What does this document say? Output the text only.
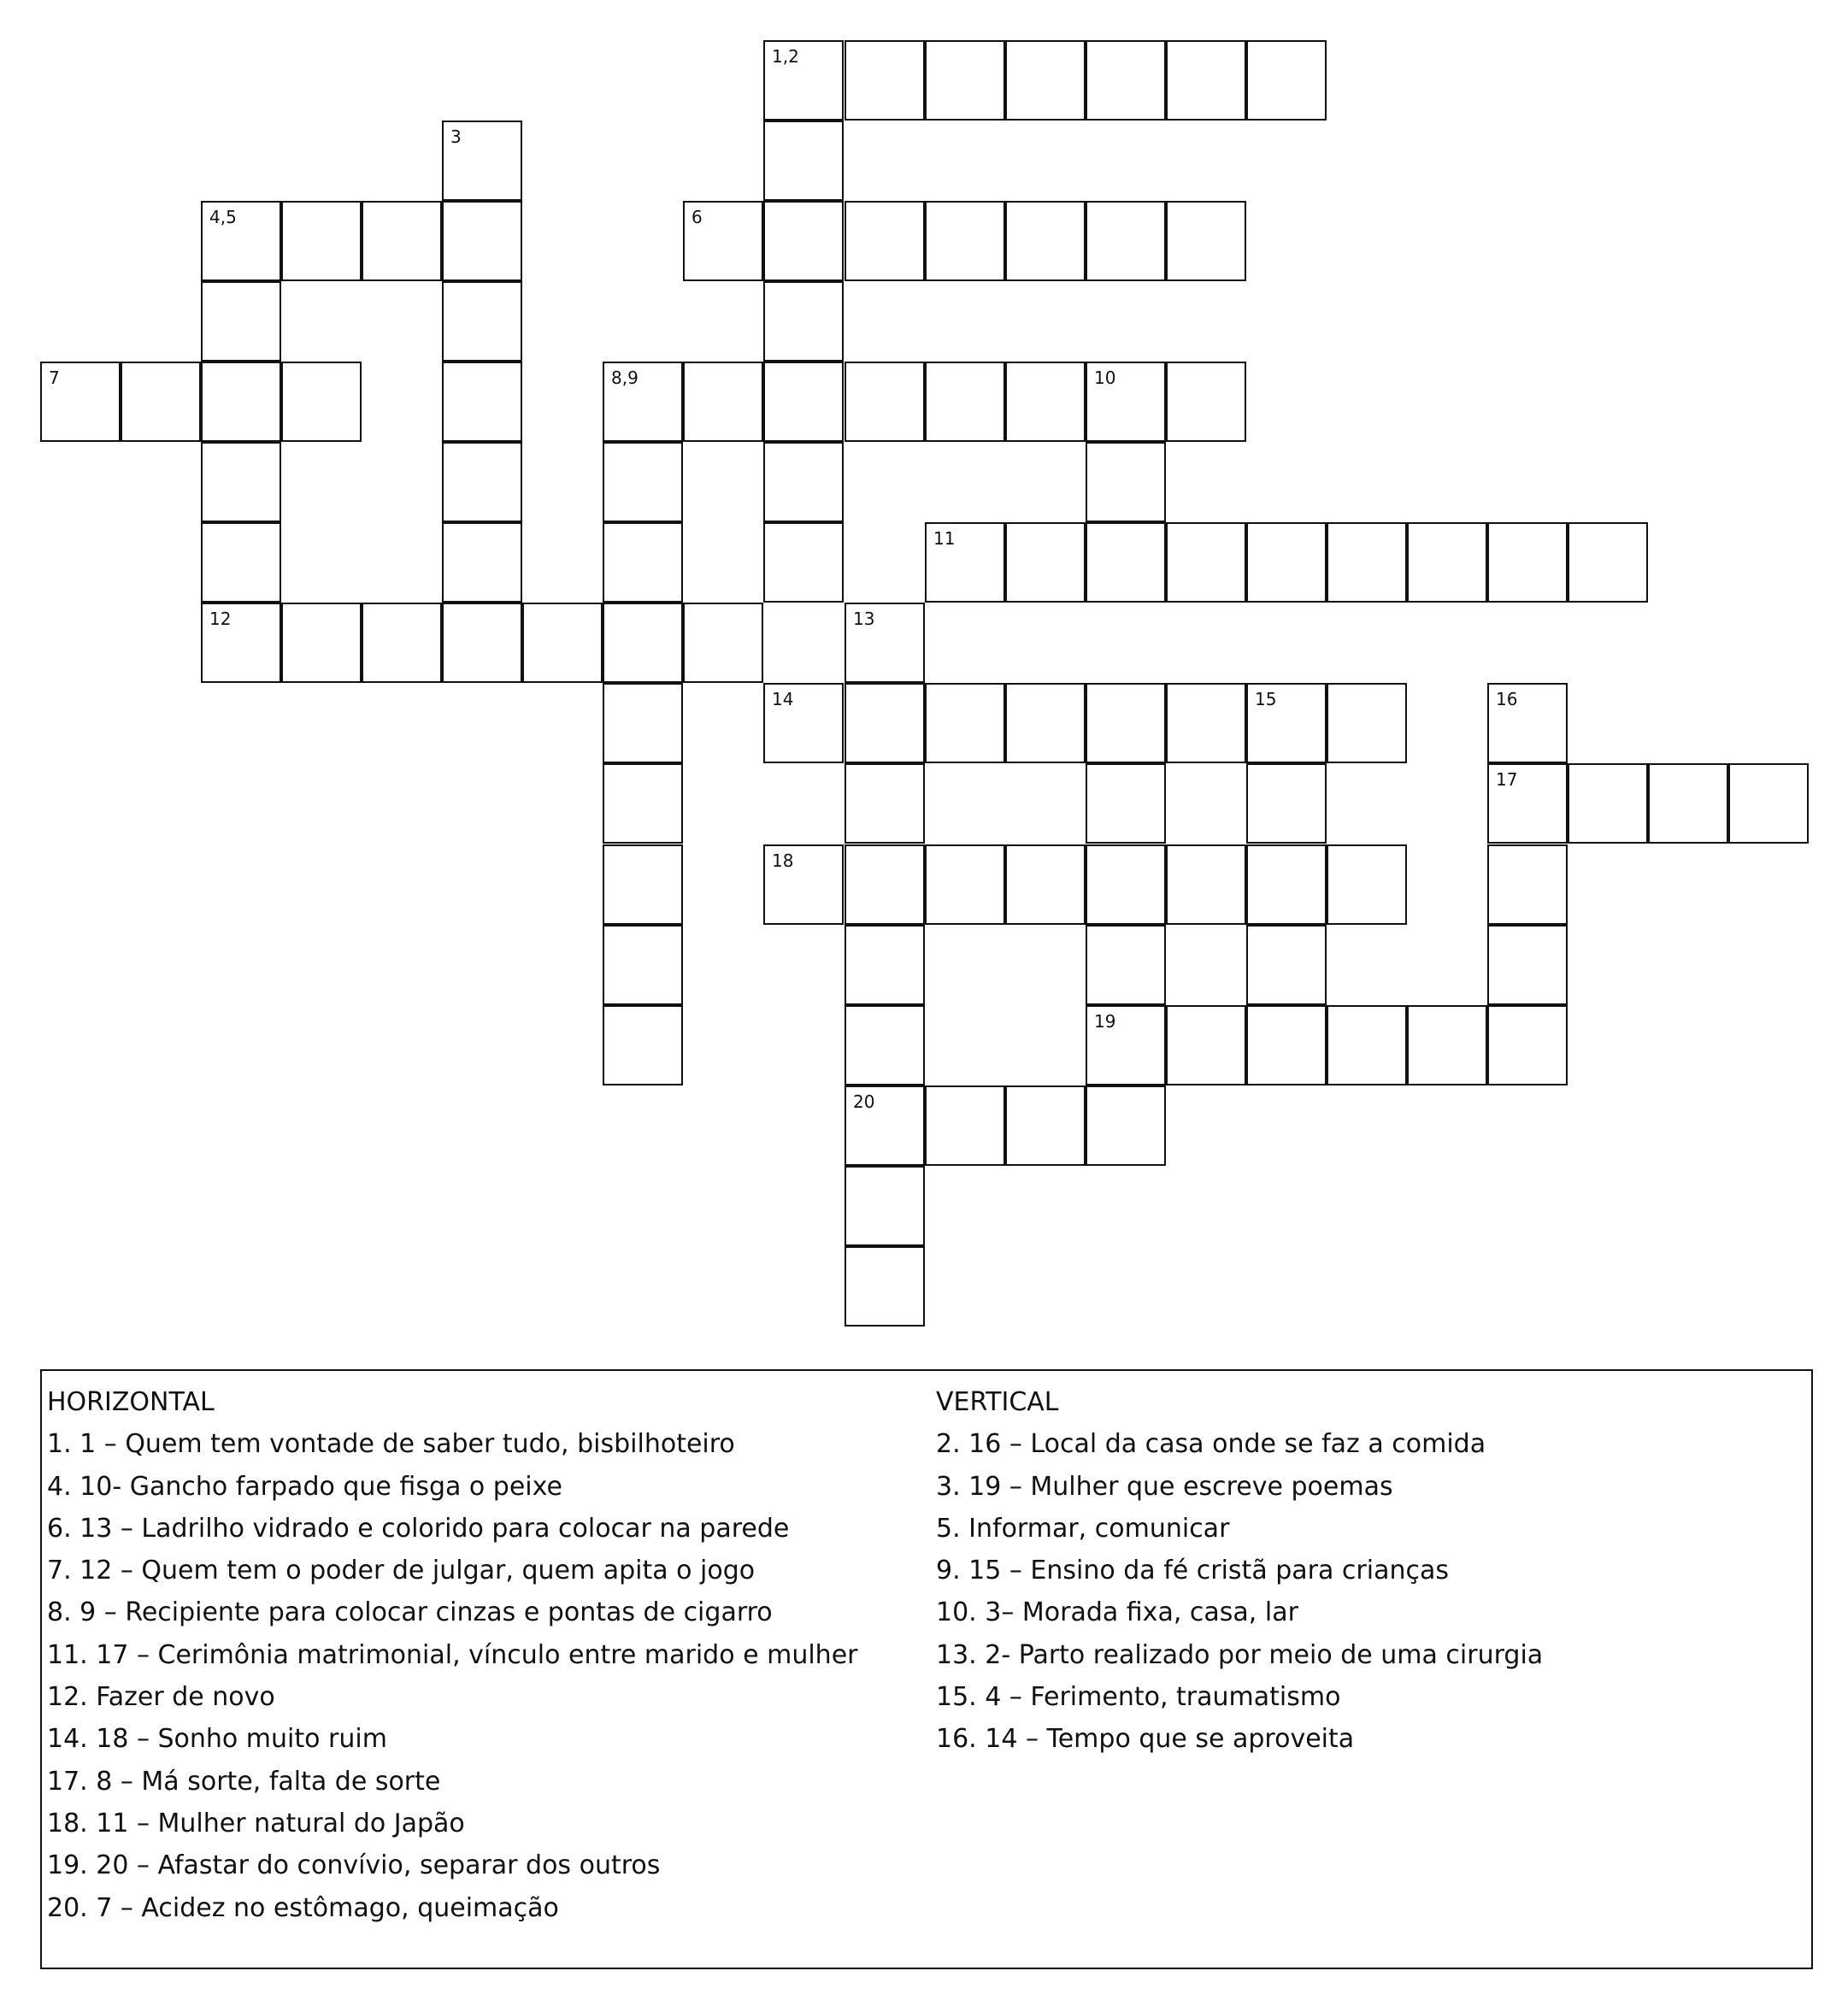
1,2
3
4,5	6
7	8,9	10
11
12	13
20
14	15	16
17
18
19
HORIZONTAL
1. 1 – Quem tem vontade de saber tudo, bisbilhoteiro
4. 10- Gancho farpado que fisga o peixe
6. 13 – Ladrilho vidrado e colorido para colocar na parede
7. 12 – Quem tem o poder de julgar, quem apita o jogo
8. 9 – Recipiente para colocar cinzas e pontas de cigarro
11. 17 – Cerimônia matrimonial, vínculo entre marido e mulher
12. Fazer de novo
14. 18 – Sonho muito ruim
17. 8 – Má sorte, falta de sorte
18. 11 – Mulher natural do Japão
19. 20 – Afastar do convívio, separar dos outros
20. 7 – Acidez no estômago, queimação
VERTICAL
2. 16 – Local da casa onde se faz a comida
3. 19 – Mulher que escreve poemas
5. Informar, comunicar
9. 15 – Ensino da fé cristã para crianças
10. 3– Morada fixa, casa, lar
13. 2- Parto realizado por meio de uma cirurgia
15. 4 – Ferimento, traumatismo
16. 14 – Tempo que se aproveita
